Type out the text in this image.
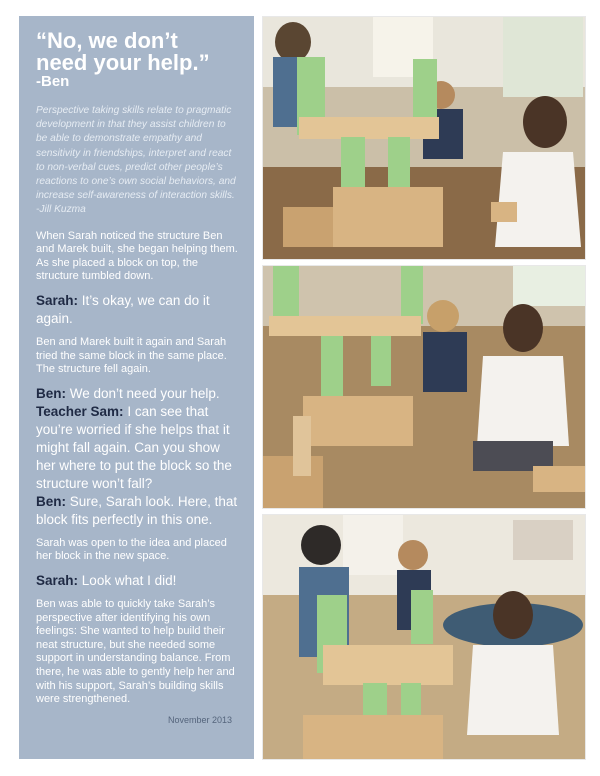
“No, we don’t
need your help.”

-Ben

Perspective taking skills relate to pragmatic development in that they assist children to be able to demonstrate empathy and sensitivity in friendships, interpret and react to non-verbal cues, predict other people’s reactions to one’s own social behaviors, and increase self-awareness of interaction skills. -Jill Kuzma

When Sarah noticed the structure Ben and Marek built, she began helping them. As she placed a block on top, the structure tumbled down.

Sarah: It’s okay, we can do it again.

Ben and Marek built it again and Sarah tried the same block in the same place. The structure fell again.

Ben: We don’t need your help.
Teacher Sam: I can see that you’re worried if she helps that it might fall again. Can you show her where to put the block so the structure won’t fall?
Ben: Sure, Sarah look. Here, that block fits perfectly in this one.

Sarah was open to the idea and placed her block in the new space.

Sarah: Look what I did!

Ben was able to quickly take Sarah’s perspective after identifying his own feelings: She wanted to help build their neat structure, but she needed some support in understanding balance. From there, he was able to gently help her and with his support, Sarah’s building skills were strengthened.

November 2013
